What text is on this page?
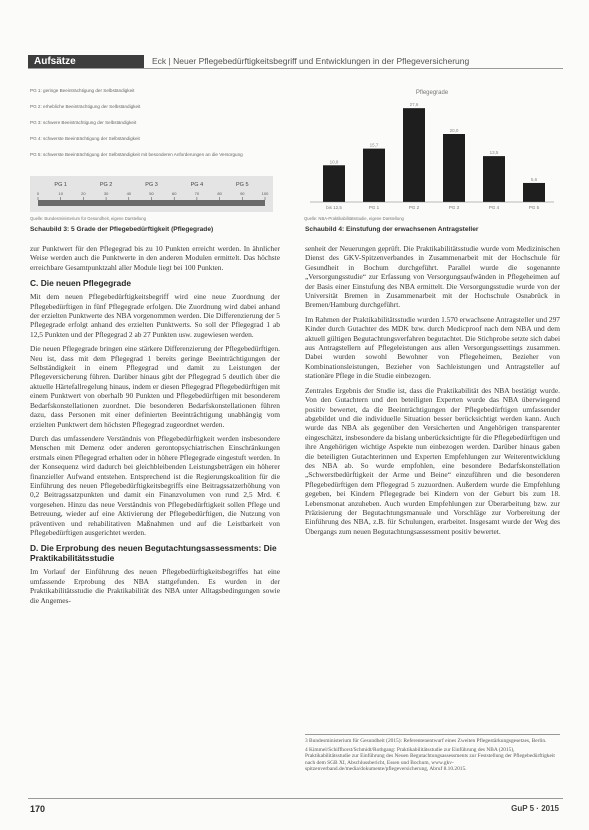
Aufsätze	Eck | Neuer Pflegebedürftigkeitsbegriff und Entwicklungen in der Pflegeversicherung
PG 1: geringe Beeinträchtigung der Selbständigkeit
PG 2: erhebliche Beeinträchtigung der Selbständigkeit
PG 3: schwere Beeinträchtigung der Selbständigkeit
PG 4: schwerste Beeinträchtigung der Selbständigkeit
PG 5: schwerste Beeinträchtigung der Selbständigkeit mit besonderen Anforderungen an die Versorgung
PG 1	PG 2	PG 3	PG 4	PG 5
0	10	20	30	40	50	60	70	80	90	100
Quelle: Bundesministerium für Gesundheit, eigene Darstellung
Schaubild 3: 5 Grade der Pflegebedürftigkeit (Pflegegrade)
Pflegegrade
10,8
15,7
27,6
20,0
13,5
5,6
bis 12,5	PG 1	PG 2	PG 3	PG 4	PG 5
Quelle: NBA-Praktikabilitätsstudie, eigene Darstellung
Schaubild 4: Einstufung der erwachsenen Antragsteller

zur Punktwert für den Pflegegrad bis zu 10 Punkten erreicht werden. In ähnlicher Weise werden auch die Punktwerte in den anderen Modulen ermittelt. Das höchste erreichbare Gesamtpunktzahl aller Module liegt bei 100 Punkten.

C. Die neuen Pflegegrade

Mit dem neuen Pflegebedürftigkeitsbegriff wird eine neue Zuordnung der Pflegebedürftigen in fünf Pflegegrade erfolgen. Die Zuordnung wird dabei anhand der erzielten Punktwerte des NBA vorgenommen werden. Die Differenzierung der 5 Pflegegrade erfolgt anhand des erzielten Punktwerts. So soll der Pflegegrad 1 ab 12,5 Punkten und der Pflegegrad 2 ab 27 Punkten usw. zugewiesen werden.

Die neuen Pflegegrade bringen eine stärkere Differenzierung der Pflegebedürftigen. Neu ist, dass mit dem Pflegegrad 1 bereits geringe Beeinträchtigungen der Selbständigkeit in einem Pflegegrad und damit zu Leistungen der Pflegeversicherung führen. Darüber hinaus gibt der Pflegegrad 5 deutlich über die aktuelle Härtefallregelung hinaus, indem er diesen Pflegegrad Pflegebedürftigen mit einem Punktwert von oberhalb 90 Punkten und Pflegebedürftigen mit besonderem Bedarfskonstellationen zuordnet. Die besonderen Bedarfskonstellationen führen dazu, dass Personen mit einer definierten Beeinträchtigung unabhängig vom erzielten Punktwert dem höchsten Pflegegrad zugeordnet werden.

Durch das umfassendere Verständnis von Pflegebedürftigkeit werden insbesondere Menschen mit Demenz oder anderen gerontopsychiatrischen Einschränkungen erstmals einen Pflegegrad erhalten oder in höhere Pflegegrade eingestuft werden. In der Konsequenz wird dadurch bei gleichbleibenden Leistungsbeträgen ein höherer finanzieller Aufwand entstehen. Entsprechend ist die Regierungskoalition für die Einführung des neuen Pflegebedürftigkeitsbegriffs eine Beitragssatzerhöhung von 0,2 Beitragssatzpunkten und damit ein Finanzvolumen von rund 2,5 Mrd. € vorgesehen. Hinzu das neue Verständnis von Pflegebedürftigkeit sollen Pflege und Betreuung, wieder auf eine Aktivierung der Pflegebedürftigen, die Nutzung von präventiven und rehabilitativen Maßnahmen und auf die Leistbarkeit von Pflegebedürftigen ausgerichtet werden.

D. Die Erprobung des neuen Begutachtungsassessments: Die Praktikabilitätsstudie

Im Vorlauf der Einführung des neuen Pflegebedürftigkeitsbegriffes hat eine umfassende Erprobung des NBA stattgefunden. Es wurden in der Praktikabilitätsstudie die Praktikabilität des NBA unter Alltagsbedingungen sowie die Angemes-

senheit der Neuerungen geprüft. Die Praktikabilitätsstudie wurde vom Medizinischen Dienst des GKV-Spitzenverbandes in Zusammenarbeit mit der Hochschule für Gesundheit in Bochum durchgeführt. Parallel wurde die sogenannte „Versorgungsstudie“ zur Erfassung von Versorgungsaufwänden in Pflegeheimen auf der Basis einer Einstufung des NBA ermittelt. Die Versorgungsstudie wurde von der Universität Bremen in Zusammenarbeit mit der Hochschule Osnabrück in Bremen/Hamburg durchgeführt.

Im Rahmen der Praktikabilitätsstudie wurden 1.570 erwachsene Antragsteller und 297 Kinder durch Gutachter des MDK bzw. durch Medicproof nach dem NBA und dem aktuell gültigen Begutachtungsverfahren begutachtet. Die Stichprobe setzte sich dabei aus Antragstellern auf Pflegeleistungen aus allen Versorgungssettings zusammen. Dabei wurden sowohl Bewohner von Pflegeheimen, Bezieher von Kombinationsleistungen, Bezieher von Sachleistungen und Antragsteller auf stationäre Pflege in die Studie einbezogen.

Zentrales Ergebnis der Studie ist, dass die Praktikabilität des NBA bestätigt wurde. Von den Gutachtern und den beteiligten Experten wurde das NBA überwiegend positiv bewertet, da die Beeinträchtigungen der Pflegebedürftigen umfassender abgebildet und die individuelle Situation besser berücksichtigt werden kann. Auch wurde das NBA als gegenüber den Versicherten und Angehörigen transparenter eingeschätzt, insbesondere da bislang unberücksichtigte für die Pflegebedürftigen und ihre Angehörigen wichtige Aspekte nun einbezogen werden. Darüber hinaus gaben die beteiligten Gutachterinnen und Experten Empfehlungen zur Weiterentwicklung des NBA ab. So wurde empfohlen, eine besondere Bedarfskonstellation „Schwerstbedürftigkeit der Arme und Beine“ einzuführen und die besonderen Pflegebedürftigen dem Pflegegrad 5 zuzuordnen. Außerdem wurde die Empfehlung gegeben, bei Kindern Pflegegrade bei Kindern von der Geburt bis zum 18. Lebensmonat anzuheben. Auch wurden Empfehlungen zur Überarbeitung bzw. zur Präzisierung der Begutachtungsmanuale und Vorschläge zur Vorbereitung der Einführung des NBA, z.B. für Schulungen, erarbeitet. Insgesamt wurde der Weg des Übergangs zum neuen Begutachtungsassessment positiv bewertet.

3 Bundesministerium für Gesundheit (2015): Referentenentwurf eines Zweiten Pflegestärkungsgesetzes, Berlin.

4 Kimmel/Schiffhorst/Schmidt/Rothgang: Praktikabilitätsstudie zur Einführung des NBA (2015), Praktikabilitätsstudie zur Einführung des Neuen Begutachtungsassessments zur Feststellung der Pflegebedürftigkeit nach dem SGB XI, Abschlussbericht, Essen und Bochum, www.gkv-spitzenverband.de/media/dokumente/pflegeversicherung, Abruf 8.10.2015.

170	GuP 5 · 2015
